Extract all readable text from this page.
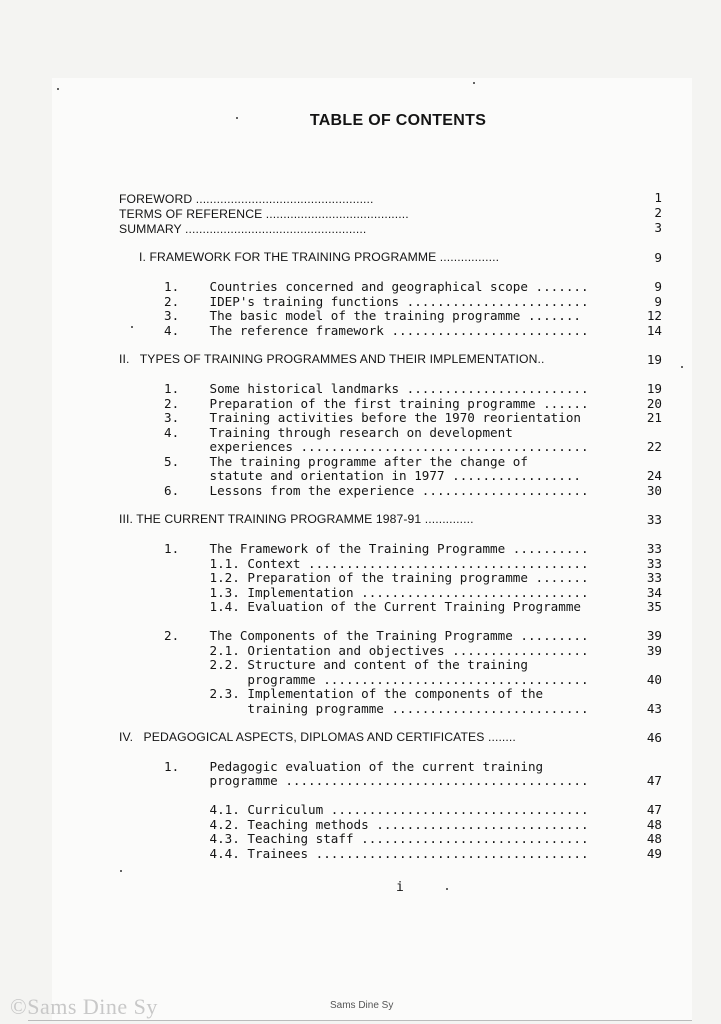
TABLE OF CONTENTS
FOREWORD ...................................................	1
TERMS OF REFERENCE .........................................	2
SUMMARY ....................................................	3
I. FRAMEWORK FOR THE TRAINING PROGRAMME .................	9
1.    Countries concerned and geographical scope .......	9
2.    IDEP's training functions ........................	9
3.    The basic model of the training programme .......	12
4.    The reference framework ..........................	14
II.   TYPES OF TRAINING PROGRAMMES AND THEIR IMPLEMENTATION..	19
1.    Some historical landmarks ........................	19
2.    Preparation of the first training programme ......	20
3.    Training activities before the 1970 reorientation	21
4.    Training through research on development
experiences ......................................	22
5.    The training programme after the change of
statute and orientation in 1977 .................	24
6.    Lessons from the experience ......................	30
III. THE CURRENT TRAINING PROGRAMME 1987-91 ..............	33
1.    The Framework of the Training Programme ..........	33
1.1. Context .....................................	33
1.2. Preparation of the training programme .......	33
1.3. Implementation ..............................	34
1.4. Evaluation of the Current Training Programme	35
2.    The Components of the Training Programme .........	39
2.1. Orientation and objectives ..................	39
2.2. Structure and content of the training
programme ...................................	40
2.3. Implementation of the components of the
training programme ..........................	43
IV.   PEDAGOGICAL ASPECTS, DIPLOMAS AND CERTIFICATES ........	46
1.    Pedagogic evaluation of the current training
programme ........................................	47
4.1. Curriculum ..................................	47
4.2. Teaching methods ............................	48
4.3. Teaching staff ..............................	48
4.4. Trainees ....................................	49
i
©Sams Dine Sy	Sams Dine Sy
